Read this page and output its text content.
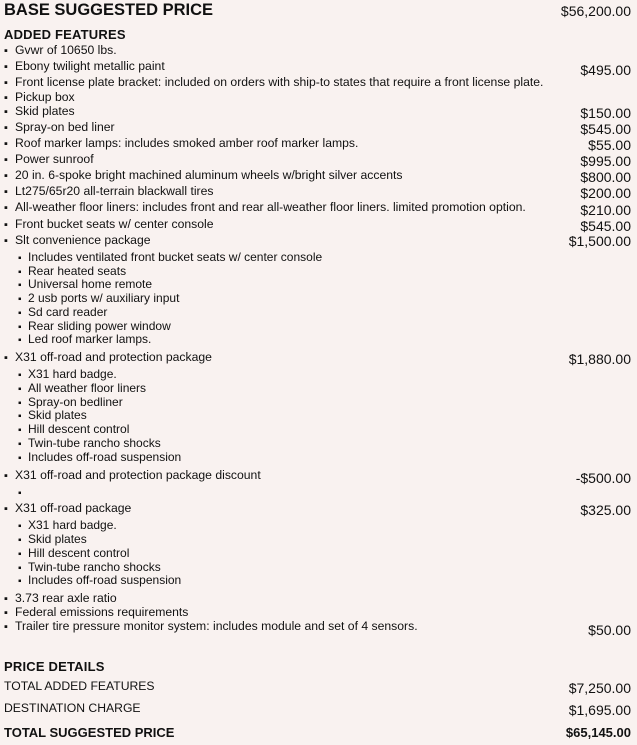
BASE SUGGESTED PRICE	$56,200.00
ADDED FEATURES
▪ Gvwr of 10650 lbs.
▪ Ebony twilight metallic paint	$495.00
▪ Front license plate bracket: included on orders with ship-to states that require a front license plate.
▪ Pickup box
▪ Skid plates	$150.00
▪ Spray-on bed liner	$545.00
▪ Roof marker lamps: includes smoked amber roof marker lamps.	$55.00
▪ Power sunroof	$995.00
▪ 20 in. 6-spoke bright machined aluminum wheels w/bright silver accents	$800.00
▪ Lt275/65r20 all-terrain blackwall tires	$200.00
▪ All-weather floor liners: includes front and rear all-weather floor liners. limited promotion option.	$210.00
▪ Front bucket seats w/ center console	$545.00
▪ Slt convenience package	$1,500.00
▪ Includes ventilated front bucket seats w/ center console
▪ Rear heated seats
▪ Universal home remote
▪ 2 usb ports w/ auxiliary input
▪ Sd card reader
▪ Rear sliding power window
▪ Led roof marker lamps.
▪ X31 off-road and protection package	$1,880.00
▪ X31 hard badge.
▪ All weather floor liners
▪ Spray-on bedliner
▪ Skid plates
▪ Hill descent control
▪ Twin-tube rancho shocks
▪ Includes off-road suspension
▪ X31 off-road and protection package discount	-$500.00
▪
▪ X31 off-road package	$325.00
▪ X31 hard badge.
▪ Skid plates
▪ Hill descent control
▪ Twin-tube rancho shocks
▪ Includes off-road suspension
▪ 3.73 rear axle ratio
▪ Federal emissions requirements
▪ Trailer tire pressure monitor system: includes module and set of 4 sensors.	$50.00
PRICE DETAILS
TOTAL ADDED FEATURES	$7,250.00
DESTINATION CHARGE	$1,695.00
TOTAL SUGGESTED PRICE	$65,145.00
